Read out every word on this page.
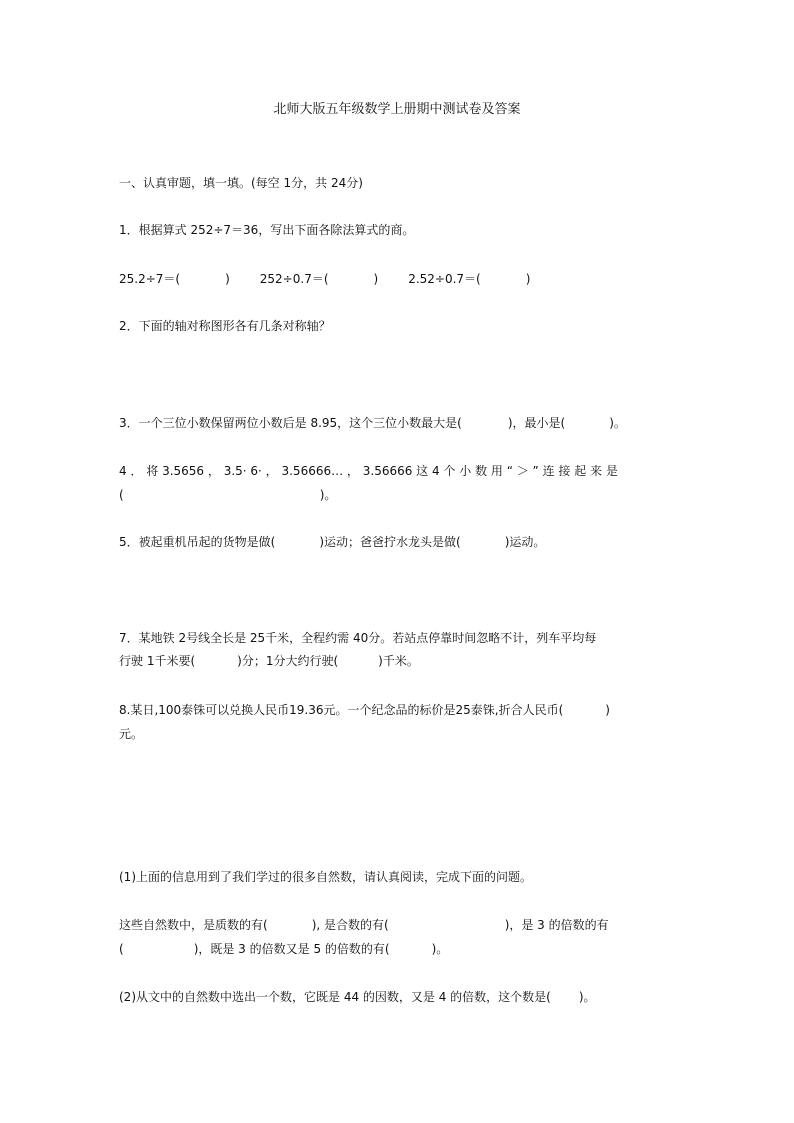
北师大版五年级数学上册期中测试卷及答案
一、认真审题，填一填。(每空 1分，共 24分)
1．根据算式 252÷7＝36，写出下面各除法算式的商。
25.2÷7＝(	)	252÷0.7＝(	)	2.52÷0.7＝(	)
2．下面的轴对称图形各有几条对称轴？
3．一个三位小数保留两位小数后是 8.95，这个三位小数最大是(	)，最小是(	)。
4 ． 将 3.5656 ， 3.5· 6· ， 3.56666… ， 3.56666 这 4 个 小 数 用 “ ＞ ” 连 接 起 来 是
(	)。
5．被起重机吊起的货物是做(	)运动；爸爸拧水龙头是做(	)运动。
7．某地铁 2号线全长是 25千米，全程约需 40分。若站点停靠时间忽略不计，列车平均每
行驶 1千米要(	)分；1分大约行驶(	)千米。
8.某日,100泰铢可以兑换人民币19.36元。一个纪念品的标价是25泰铢,折合人民币(	)
元。
(1)上面的信息用到了我们学过的很多自然数，请认真阅读，完成下面的问题。
这些自然数中，是质数的有(	), 是合数的有(	)，是 3 的倍数的有
(	)，既是 3 的倍数又是 5 的倍数的有(	)。
(2)从文中的自然数中选出一个数，它既是 44 的因数，又是 4 的倍数，这个数是( )。
